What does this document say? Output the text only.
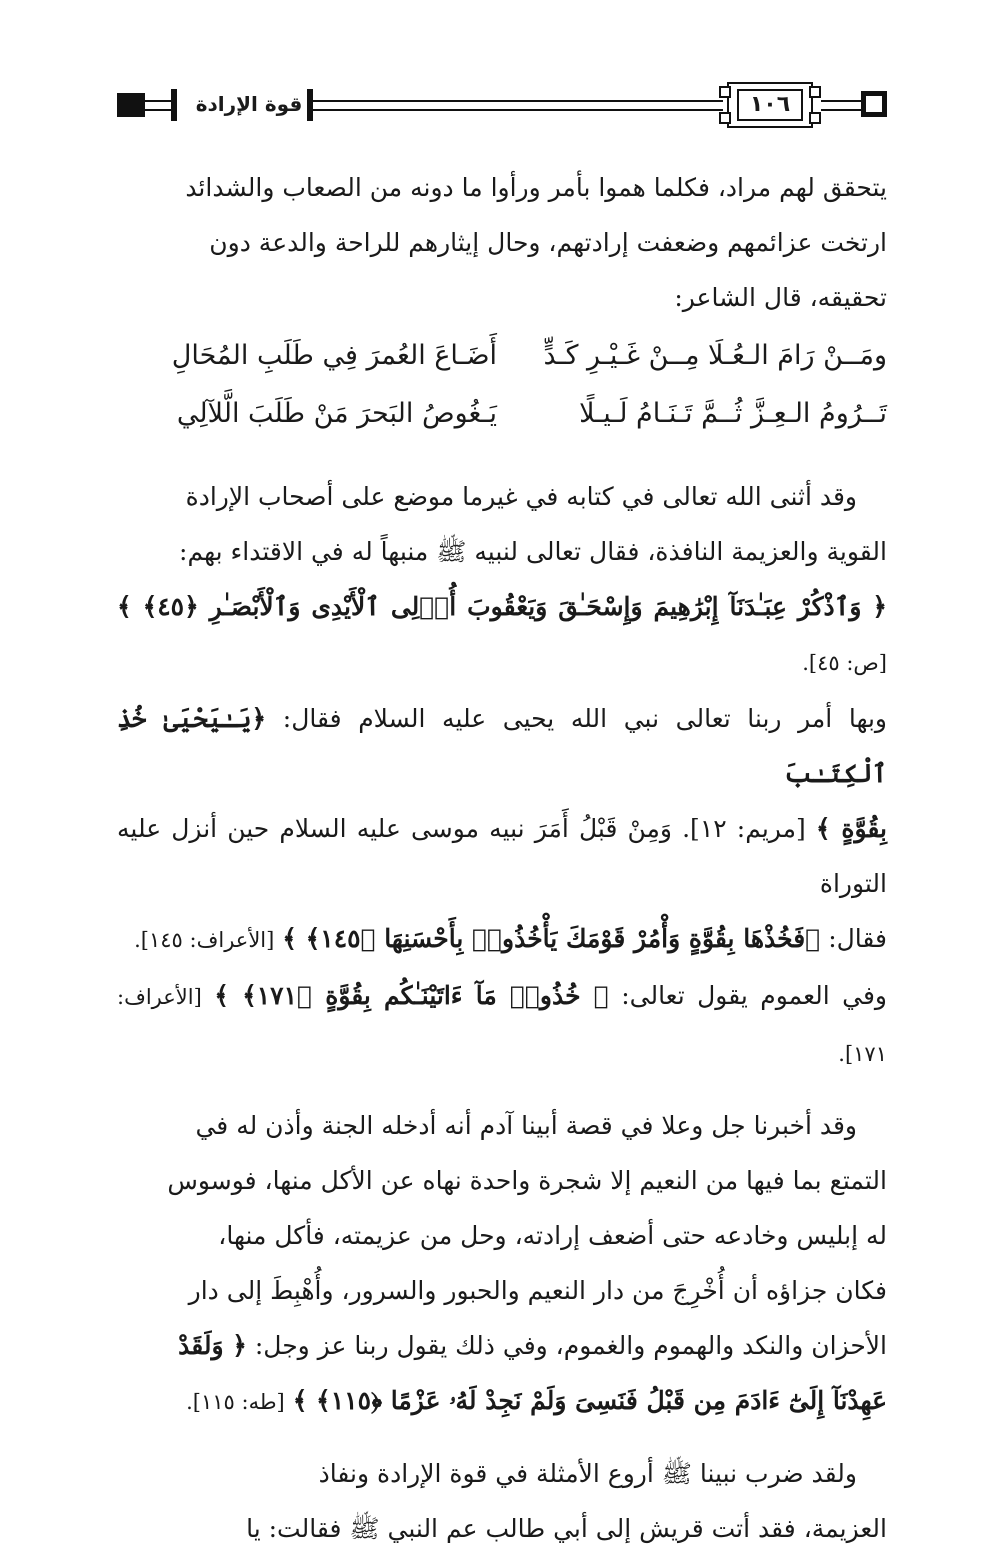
قوة الإرادة	١٠٦
يتحقق لهم مراد، فكلما هموا بأمر ورأوا ما دونه من الصعاب والشدائد
ارتخت عزائمهم وضعفت إرادتهم، وحال إيثارهم للراحة والدعة دون
تحقيقه، قال الشاعر:
ومَــنْ رَامَ الـعُـلَا مِــنْ غَـيْـرِ كَـدٍّ
أَضَـاعَ العُمرَ فِي طَلَبِ المُحَالِ
تَــرُومُ الـعِـزَّ ثُــمَّ تَـنَـامُ لَـيـلًا
يَـغُوصُ البَحرَ مَنْ طَلَبَ الَّلآلِي
وقد أثنى الله تعالى في كتابه في غيرما موضع على أصحاب الإرادة
القوية والعزيمة النافذة، فقال تعالى لنبيه ﷺ منبهاً له في الاقتداء بهم:
﴿ وَٱذْكُرْ عِبَـٰدَنَآ إِبْرَٰهِيمَ وَإِسْحَـٰقَ وَيَعْقُوبَ أُو۟لِى ٱلْأَيْدِى وَٱلْأَبْصَـٰرِ ﴿٤٥﴾ ﴾ [ص: ٤٥].
وبها أمر ربنا تعالى نبي الله يحيى عليه السلام فقال: ﴿يَـٰيَحْيَىٰ خُذِ ٱلْكِتَـٰبَ
بِقُوَّةٍ ﴾ [مريم: ١٢]. وَمِنْ قَبْلُ أَمَرَ نبيه موسى عليه السلام حين أنزل عليه التوراة
فقال: ﴿فَخُذْهَا بِقُوَّةٍ وَأْمُرْ قَوْمَكَ يَأْخُذُوا۟ بِأَحْسَنِهَا ﴿١٤٥﴾ ﴾ [الأعراف: ١٤٥].
وفي العموم يقول تعالى: ﴿ خُذُوا۟ مَآ ءَاتَيْنَـٰكُم بِقُوَّةٍ ﴿١٧١﴾ ﴾ [الأعراف: ١٧١].
وقد أخبرنا جل وعلا في قصة أبينا آدم أنه أدخله الجنة وأذن له في
التمتع بما فيها من النعيم إلا شجرة واحدة نهاه عن الأكل منها، فوسوس
له إبليس وخادعه حتى أضعف إرادته، وحل من عزيمته، فأكل منها،
فكان جزاؤه أن أُخْرِجَ من دار النعيم والحبور والسرور، وأُهْبِطَ إلى دار
الأحزان والنكد والهموم والغموم، وفي ذلك يقول ربنا عز وجل: ﴿ وَلَقَدْ
عَهِدْنَآ إِلَىٰٓ ءَادَمَ مِن قَبْلُ فَنَسِىَ وَلَمْ نَجِدْ لَهُۥ عَزْمًا ﴿١١٥﴾ ﴾ [طه: ١١٥].
ولقد ضرب نبينا ﷺ أروع الأمثلة في قوة الإرادة ونفاذ
العزيمة، فقد أتت قريش إلى أبي طالب عم النبي ﷺ فقالت: يا
